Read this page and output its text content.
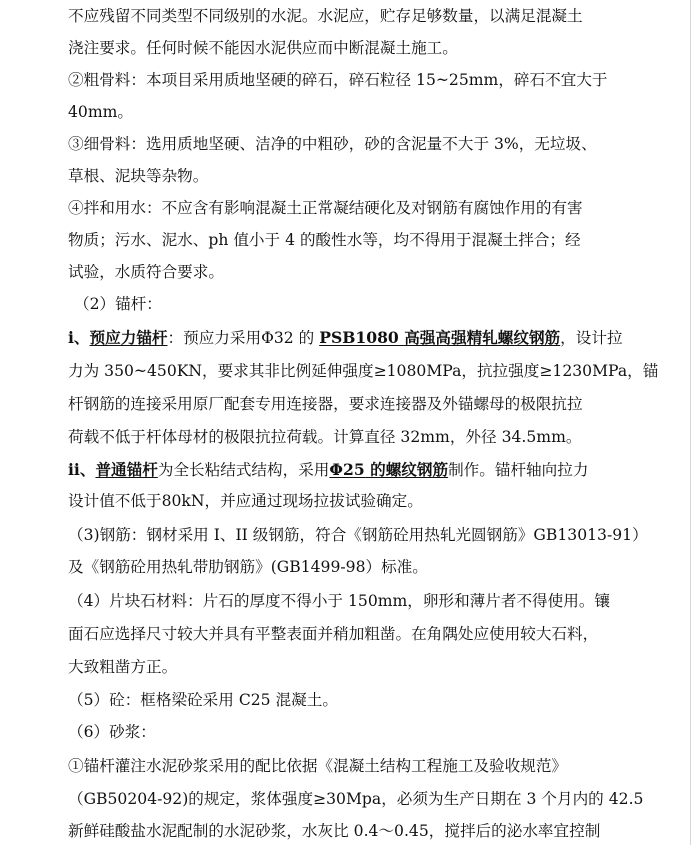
不应残留不同类型不同级别的水泥。水泥应，贮存足够数量，以满足混凝土
浇注要求。任何时候不能因水泥供应而中断混凝土施工。
②粗骨料：本项目采用质地坚硬的碎石，碎石粒径 15~25mm，碎石不宜大于
40mm。
③细骨料：选用质地坚硬、洁净的中粗砂，砂的含泥量不大于 3%，无垃圾、
草根、泥块等杂物。
④拌和用水：不应含有影响混凝土正常凝结硬化及对钢筋有腐蚀作用的有害
物质；污水、泥水、ph 值小于 4 的酸性水等，均不得用于混凝土拌合；经
试验，水质符合要求。
（2）锚杆：
i、预应力锚杆：预应力采用Φ32 的 PSB1080 高强高强精轧螺纹钢筋，设计拉
力为 350~450KN，要求其非比例延伸强度≥1080MPa，抗拉强度≥1230MPa，锚
杆钢筋的连接采用原厂配套专用连接器，要求连接器及外锚螺母的极限抗拉
荷载不低于杆体母材的极限抗拉荷载。计算直径 32mm，外径 34.5mm。
ii、普通锚杆为全长粘结式结构，采用Φ25 的螺纹钢筋制作。锚杆轴向拉力
设计值不低于80kN，并应通过现场拉拔试验确定。
（3)钢筋：钢材采用 I、II 级钢筋，符合《钢筋砼用热轧光圆钢筋》GB13013-91）
及《钢筋砼用热轧带肋钢筋》(GB1499-98）标准。
（4）片块石材料：片石的厚度不得小于 150mm，卵形和薄片者不得使用。镶
面石应选择尺寸较大并具有平整表面并稍加粗凿。在角隅处应使用较大石料，
大致粗凿方正。
（5）砼：框格梁砼采用 C25 混凝土。
（6）砂浆：
①锚杆灌注水泥砂浆采用的配比依据《混凝土结构工程施工及验收规范》
（GB50204-92)的规定，浆体强度≥30Mpa，必须为生产日期在 3 个月内的 42.5
新鲜硅酸盐水泥配制的水泥砂浆，水灰比 0.4～0.45，搅拌后的泌水率宜控制
